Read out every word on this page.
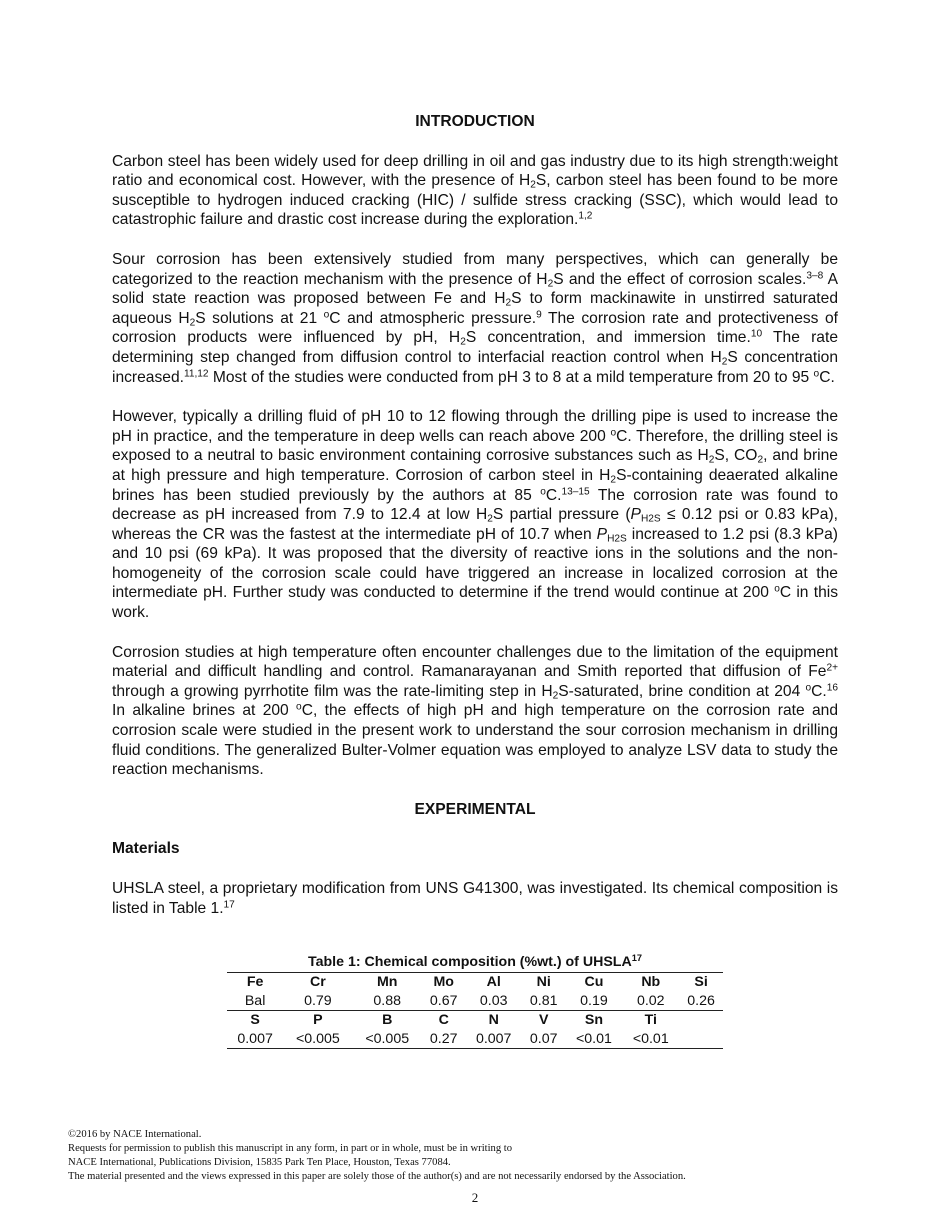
INTRODUCTION

Carbon steel has been widely used for deep drilling in oil and gas industry due to its high strength:weight ratio and economical cost. However, with the presence of $H_2S$, carbon steel has been found to be more susceptible to hydrogen induced cracking (HIC) / sulfide stress cracking (SSC), which would lead to catastrophic failure and drastic cost increase during the exploration.$^{1,2}$

Sour corrosion has been extensively studied from many perspectives, which can generally be categorized to the reaction mechanism with the presence of $H_2S$ and the effect of corrosion scales.$^{3-8}$ A solid state reaction was proposed between Fe and $H_2S$ to form mackinawite in unstirred saturated aqueous $H_2S$ solutions at 21 $^o$C and atmospheric pressure.$^9$ The corrosion rate and protectiveness of corrosion products were influenced by pH, $H_2S$ concentration, and immersion time.$^{10}$ The rate determining step changed from diffusion control to interfacial reaction control when $H_2S$ concentration increased.$^{11,12}$ Most of the studies were conducted from pH 3 to 8 at a mild temperature from 20 to 95 $^o$C.

However, typically a drilling fluid of pH 10 to 12 flowing through the drilling pipe is used to increase the pH in practice, and the temperature in deep wells can reach above 200 $^o$C. Therefore, the drilling steel is exposed to a neutral to basic environment containing corrosive substances such as $H_2S$, $CO_2$, and brine at high pressure and high temperature. Corrosion of carbon steel in $H_2S$-containing deaerated alkaline brines has been studied previously by the authors at 85 $^o$C.$^{13-15}$ The corrosion rate was found to decrease as pH increased from 7.9 to 12.4 at low $H_2S$ partial pressure ($P_{H2S} \le 0.12$ psi or 0.83 kPa), whereas the CR was the fastest at the intermediate pH of 10.7 when $P_{H2S}$ increased to 1.2 psi (8.3 kPa) and 10 psi (69 kPa). It was proposed that the diversity of reactive ions in the solutions and the non-homogeneity of the corrosion scale could have triggered an increase in localized corrosion at the intermediate pH. Further study was conducted to determine if the trend would continue at 200 $^o$C in this work.

Corrosion studies at high temperature often encounter challenges due to the limitation of the equipment material and difficult handling and control. Ramanarayanan and Smith reported that diffusion of $Fe^{2+}$ through a growing pyrrhotite film was the rate-limiting step in $H_2S$-saturated, brine condition at 204 $^o$C.$^{16}$ In alkaline brines at 200 $^o$C, the effects of high pH and high temperature on the corrosion rate and corrosion scale were studied in the present work to understand the sour corrosion mechanism in drilling fluid conditions. The generalized Bulter-Volmer equation was employed to analyze LSV data to study the reaction mechanisms.

EXPERIMENTAL
Materials

UHSLA steel, a proprietary modification from UNS G41300, was investigated. Its chemical composition is listed in Table 1.17

Table 1: Chemical composition (%wt.) of UHSLA$^{17}$
Fe	Cr	Mn	Mo	Al	Ni	Cu	Nb	Si
Bal	0.79	0.88	0.67	0.03	0.81	0.19	0.02	0.26
S	P	B	C	N	V	Sn	Ti	
0.007	<0.005	<0.005	0.27	0.007	0.07	<0.01	<0.01	
©2016 by NACE International.
Requests for permission to publish this manuscript in any form, in part or in whole, must be in writing to
NACE International, Publications Division, 15835 Park Ten Place, Houston, Texas 77084.
The material presented and the views expressed in this paper are solely those of the author(s) and are not necessarily endorsed by the Association.
2
